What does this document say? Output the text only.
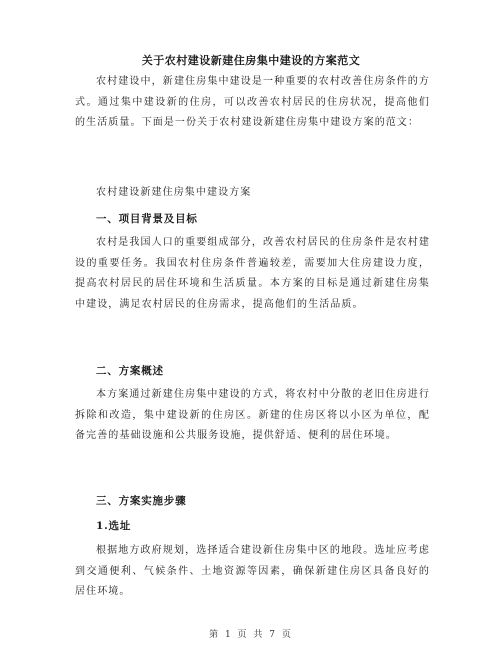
关于农村建设新建住房集中建设的方案范文
农村建设中，新建住房集中建设是一种重要的农村改善住房条件的方式。通过集中建设新的住房，可以改善农村居民的住房状况，提高他们的生活质量。下面是一份关于农村建设新建住房集中建设方案的范文：
农村建设新建住房集中建设方案
一、项目背景及目标
农村是我国人口的重要组成部分，改善农村居民的住房条件是农村建设的重要任务。我国农村住房条件普遍较差，需要加大住房建设力度，提高农村居民的居住环境和生活质量。本方案的目标是通过新建住房集中建设，满足农村居民的住房需求，提高他们的生活品质。
二、方案概述
本方案通过新建住房集中建设的方式，将农村中分散的老旧住房进行拆除和改造，集中建设新的住房区。新建的住房区将以小区为单位，配备完善的基础设施和公共服务设施，提供舒适、便利的居住环境。
三、方案实施步骤
1.选址
根据地方政府规划，选择适合建设新住房集中区的地段。选址应考虑到交通便利、气候条件、土地资源等因素，确保新建住房区具备良好的居住环境。
第 1 页 共 7 页
